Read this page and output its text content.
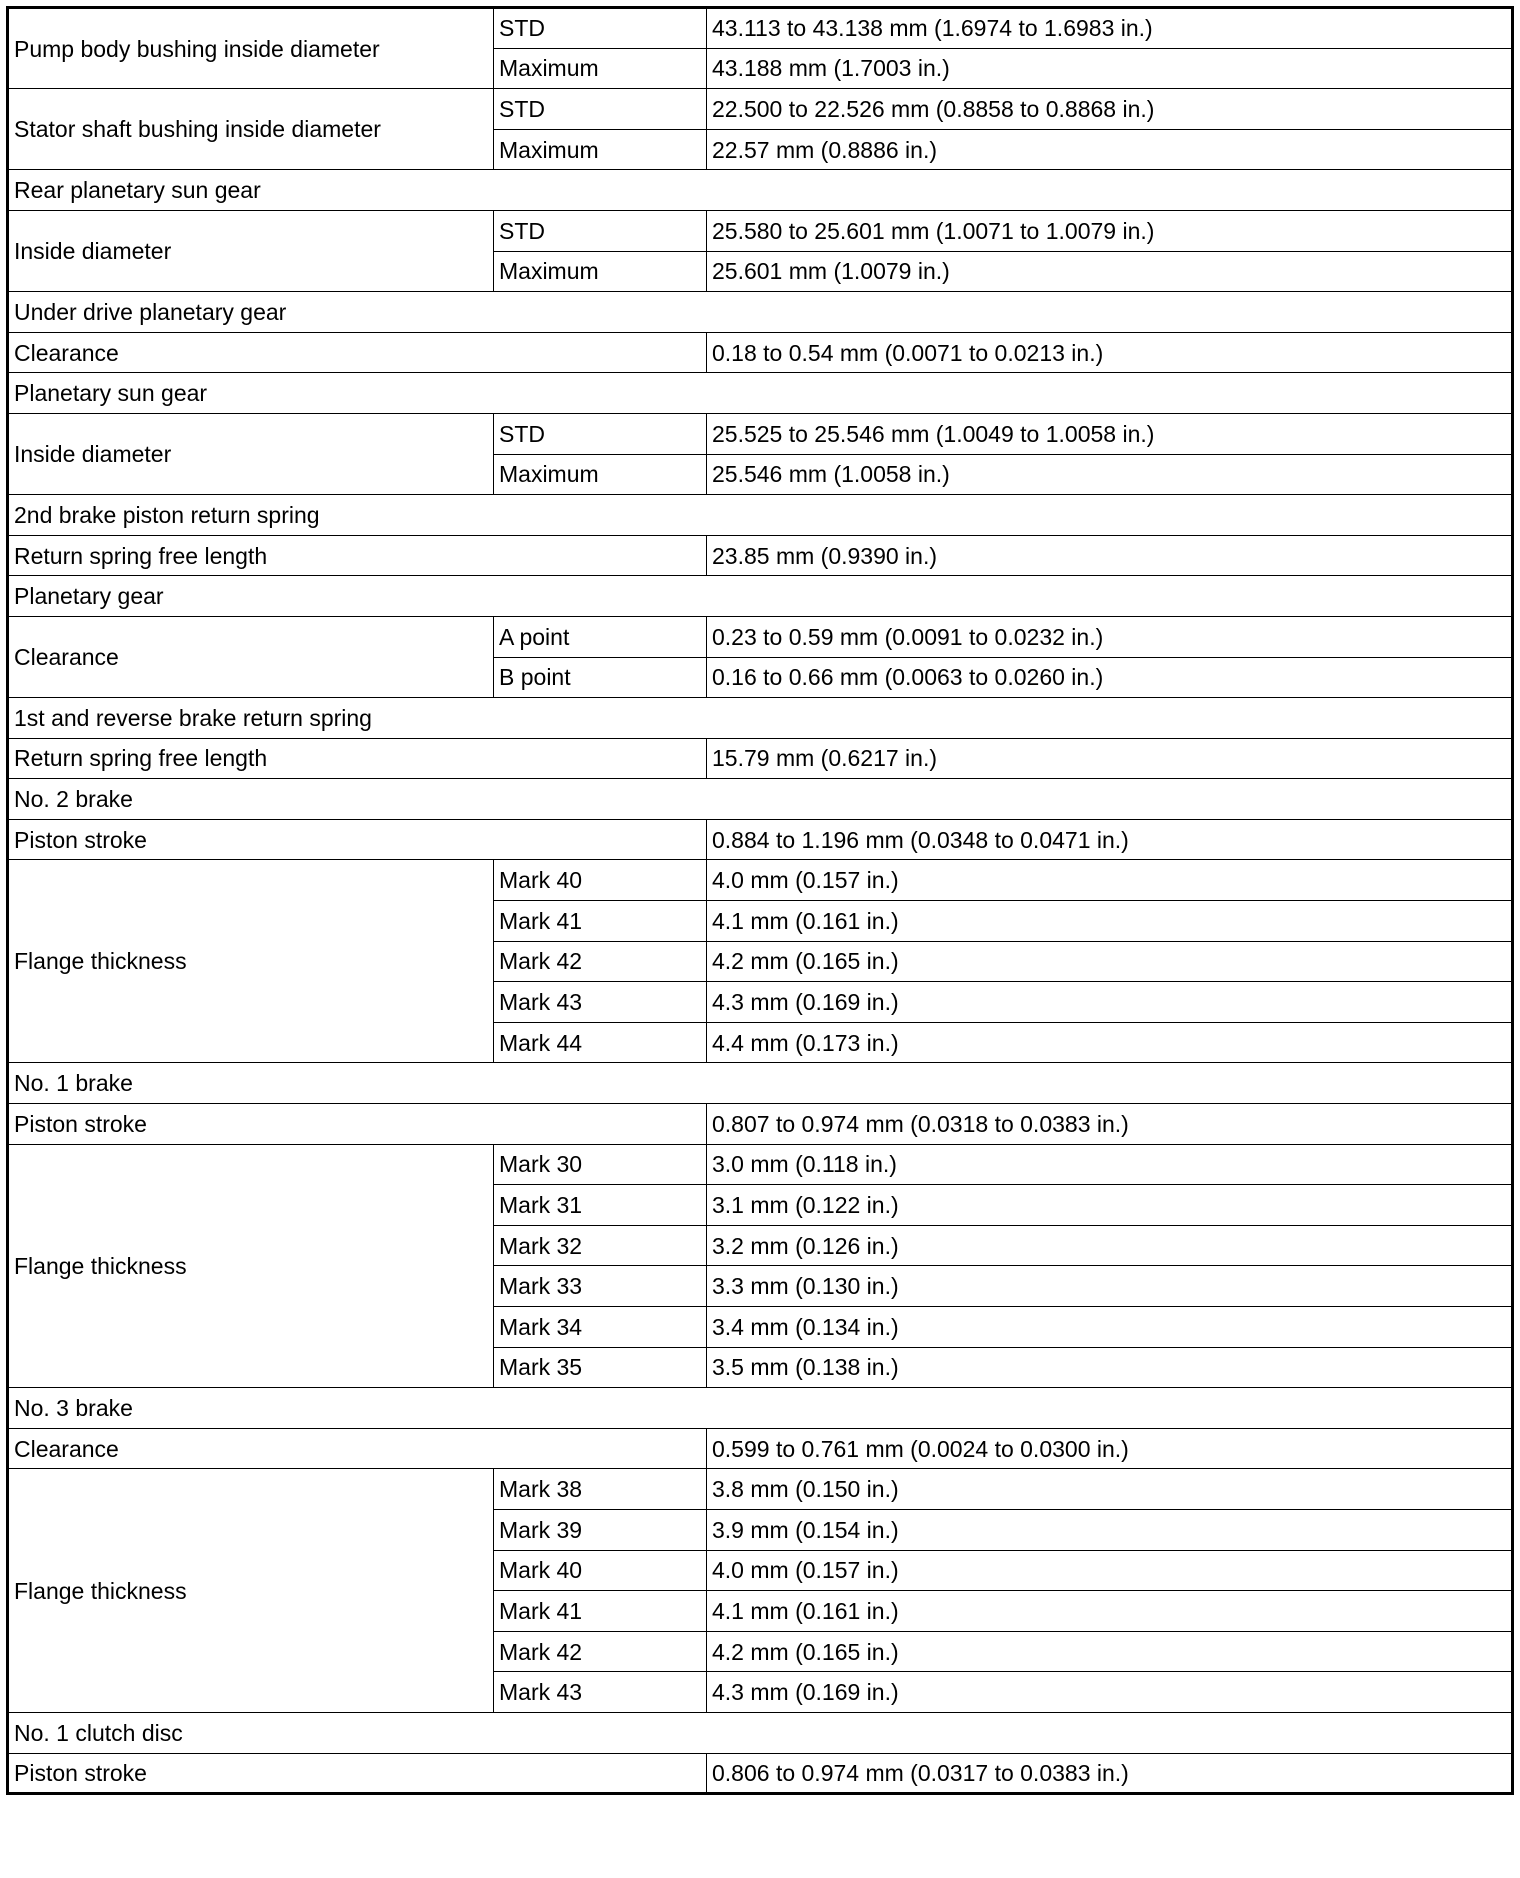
Pump body bushing inside diameter	STD	43.113 to 43.138 mm (1.6974 to 1.6983 in.)
	Maximum	43.188 mm (1.7003 in.)
Stator shaft bushing inside diameter	STD	22.500 to 22.526 mm (0.8858 to 0.8868 in.)
	Maximum	22.57 mm (0.8886 in.)
Rear planetary sun gear		
Inside diameter	STD	25.580 to 25.601 mm (1.0071 to 1.0079 in.)
	Maximum	25.601 mm (1.0079 in.)
Under drive planetary gear		
Clearance		0.18 to 0.54 mm (0.0071 to 0.0213 in.)
Planetary sun gear		
Inside diameter	STD	25.525 to 25.546 mm (1.0049 to 1.0058 in.)
	Maximum	25.546 mm (1.0058 in.)
2nd brake piston return spring		
Return spring free length		23.85 mm (0.9390 in.)
Planetary gear		
Clearance	A point	0.23 to 0.59 mm (0.0091 to 0.0232 in.)
	B point	0.16 to 0.66 mm (0.0063 to 0.0260 in.)
1st and reverse brake return spring		
Return spring free length		15.79 mm (0.6217 in.)
No. 2 brake		
Piston stroke		0.884 to 1.196 mm (0.0348 to 0.0471 in.)
Flange thickness	Mark 40	4.0 mm (0.157 in.)
	Mark 41	4.1 mm (0.161 in.)
	Mark 42	4.2 mm (0.165 in.)
	Mark 43	4.3 mm (0.169 in.)
	Mark 44	4.4 mm (0.173 in.)
No. 1 brake		
Piston stroke		0.807 to 0.974 mm (0.0318 to 0.0383 in.)
Flange thickness	Mark 30	3.0 mm (0.118 in.)
	Mark 31	3.1 mm (0.122 in.)
	Mark 32	3.2 mm (0.126 in.)
	Mark 33	3.3 mm (0.130 in.)
	Mark 34	3.4 mm (0.134 in.)
	Mark 35	3.5 mm (0.138 in.)
No. 3 brake		
Clearance		0.599 to 0.761 mm (0.0024 to 0.0300 in.)
Flange thickness	Mark 38	3.8 mm (0.150 in.)
	Mark 39	3.9 mm (0.154 in.)
	Mark 40	4.0 mm (0.157 in.)
	Mark 41	4.1 mm (0.161 in.)
	Mark 42	4.2 mm (0.165 in.)
	Mark 43	4.3 mm (0.169 in.)
No. 1 clutch disc		
Piston stroke		0.806 to 0.974 mm (0.0317 to 0.0383 in.)
